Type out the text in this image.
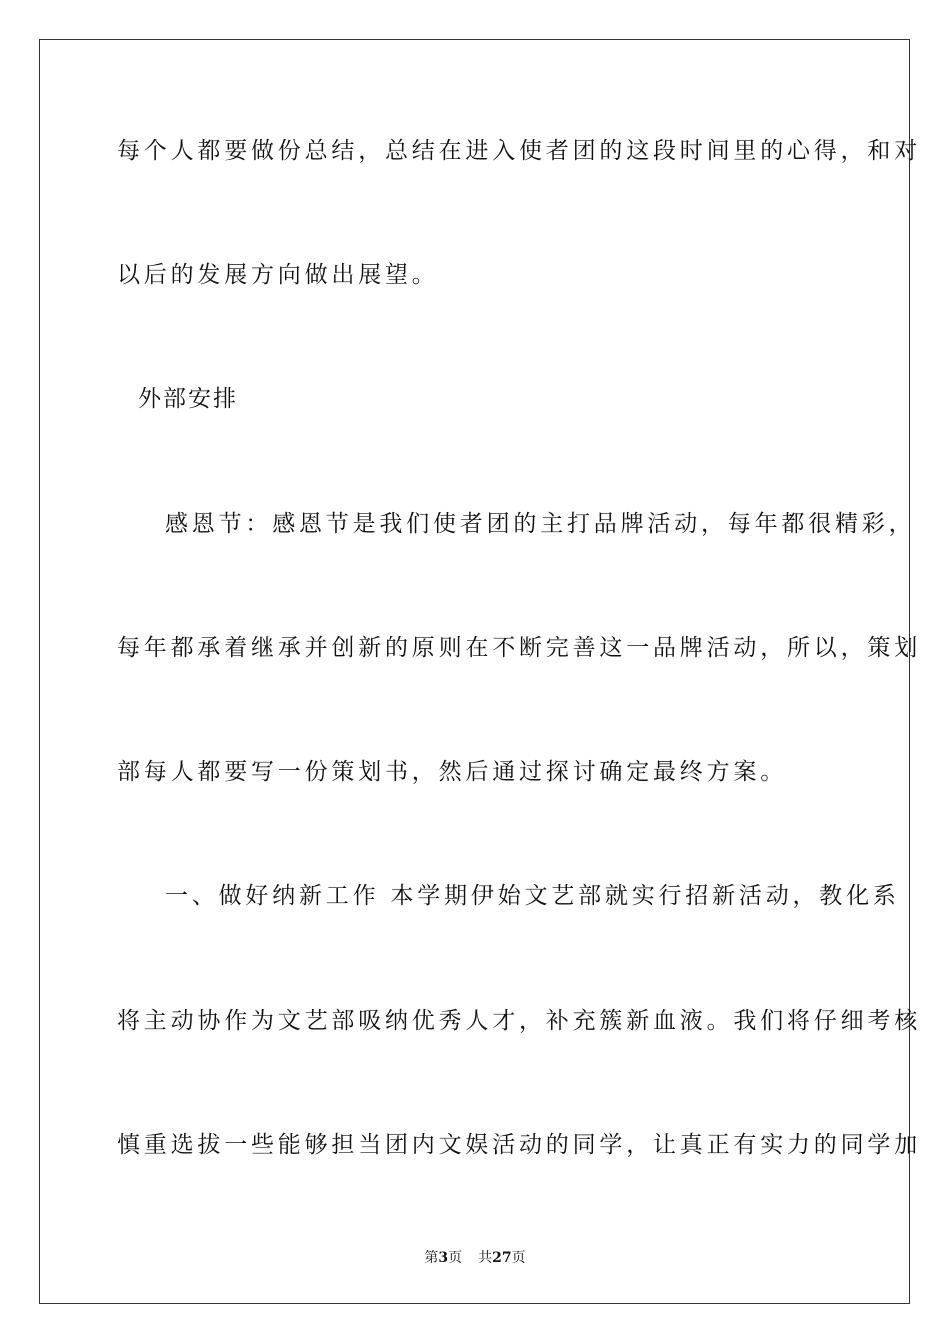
每个人都要做份总结，总结在进入使者团的这段时间里的心得，和对
以后的发展方向做出展望。
外部安排
感恩节：感恩节是我们使者团的主打品牌活动，每年都很精彩，
每年都承着继承并创新的原则在不断完善这一品牌活动，所以，策划
部每人都要写一份策划书，然后通过探讨确定最终方案。
一、做好纳新工作 本学期伊始文艺部就实行招新活动，教化系
将主动协作为文艺部吸纳优秀人才，补充簇新血液。我们将仔细考核
慎重选拔一些能够担当团内文娱活动的同学，让真正有实力的同学加
第3页 共27页
